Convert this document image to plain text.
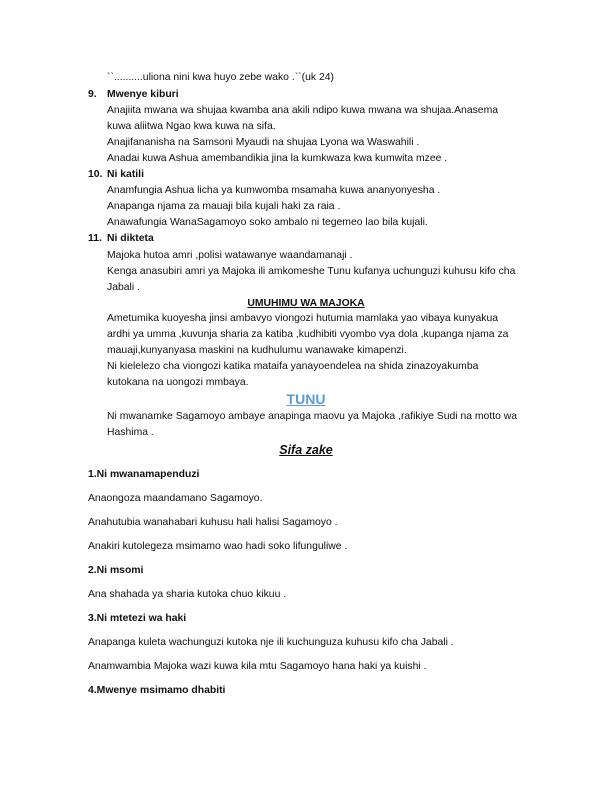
``..........uliona nini kwa huyo zebe wako .``(uk 24)
9. Mwenye kiburi
Anajiita mwana wa shujaa kwamba ana akili ndipo kuwa mwana wa shujaa.Anasema
kuwa aliitwa Ngao kwa kuwa na sifa.
Anajifananisha na Samsoni Myaudi na shujaa Lyona wa Waswahili .
Anadai kuwa Ashua amembandikia jina la kumkwaza kwa kumwita mzee .
10. Ni katili
Anamfungia Ashua licha ya kumwomba msamaha kuwa ananyonyesha .
Anapanga njama za mauaji bila kujali haki za raia .
Anawafungia WanaSagamoyo soko ambalo ni tegemeo lao bila kujali.
11. Ni dikteta
Majoka hutoa amri ,polisi watawanye waandamanaji .
Kenga anasubiri amri ya Majoka ili amkomeshe Tunu kufanya uchunguzi kuhusu kifo cha
Jabali .
UMUHIMU WA MAJOKA
Ametumika kuoyesha jinsi ambavyo viongozi hutumia mamlaka yao vibaya kunyakua
ardhi ya umma ,kuvunja sharia za katiba ,kudhibiti vyombo vya dola ,kupanga njama za
mauaji,kunyanyasa maskini na kudhulumu wanawake kimapenzi.
Ni kielelezo cha viongozi katika mataifa yanayoendelea na shida zinazoyakumba
kutokana na uongozi mmbaya.
TUNU
Ni mwanamke Sagamoyo ambaye anapinga maovu ya Majoka ,rafikiye Sudi na motto wa
Hashima .
Sifa zake
1.Ni mwanamapenduzi
Anaongoza maandamano Sagamoyo.
Anahutubia wanahabari kuhusu hali halisi Sagamoyo .
Anakiri kutolegeza msimamo wao hadi soko lifunguliwe .
2.Ni msomi
Ana shahada ya sharia kutoka chuo kikuu .
3.Ni mtetezi wa haki
Anapanga kuleta wachunguzi kutoka nje ili kuchunguza kuhusu kifo cha Jabali .
Anamwambia Majoka wazi kuwa kila mtu Sagamoyo hana haki ya kuishi .
4.Mwenye msimamo dhabiti
